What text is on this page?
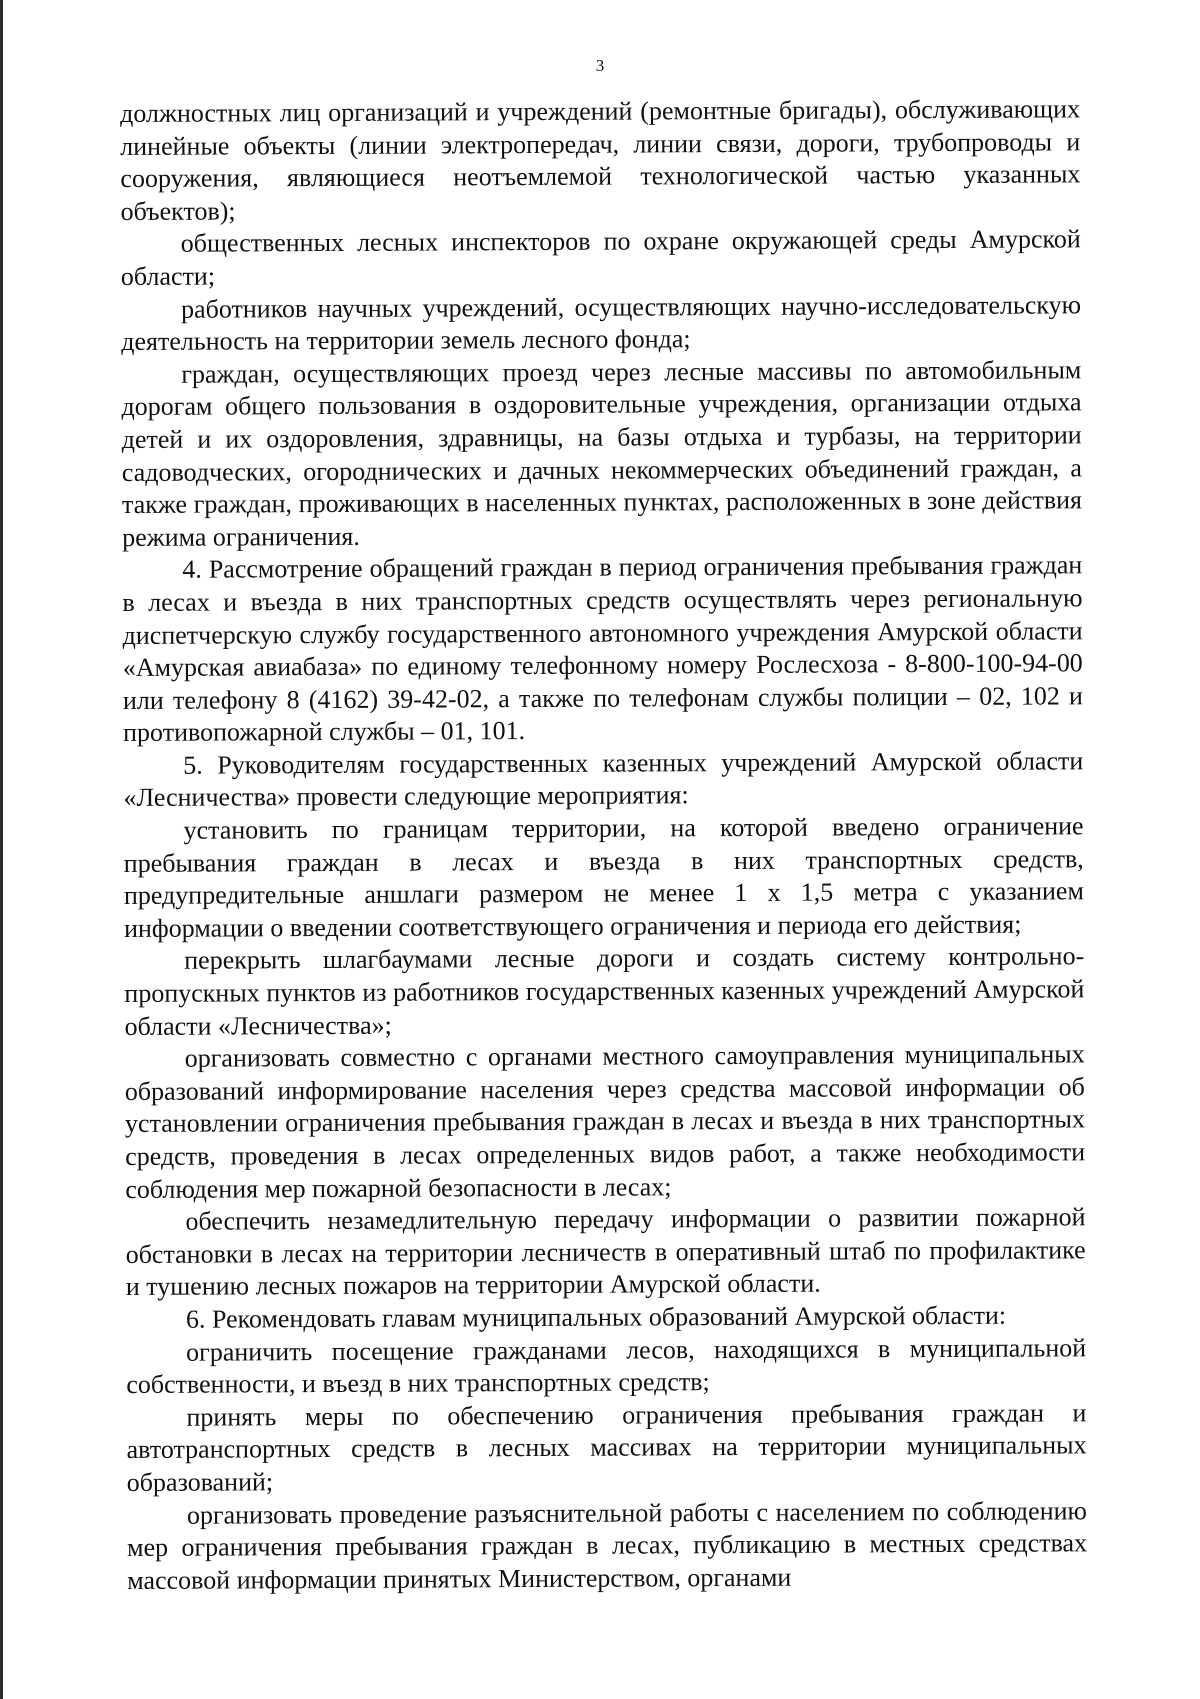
3

должностных лиц организаций и учреждений (ремонтные бригады), обслуживающих линейные объекты (линии электропередач, линии связи, дороги, трубопроводы и сооружения, являющиеся неотъемлемой технологической частью указанных объектов);

общественных лесных инспекторов по охране окружающей среды Амурской области;

работников научных учреждений, осуществляющих научно-исследовательскую деятельность на территории земель лесного фонда;

граждан, осуществляющих проезд через лесные массивы по автомобильным дорогам общего пользования в оздоровительные учреждения, организации отдыха детей и их оздоровления, здравницы, на базы отдыха и турбазы, на территории садоводческих, огороднических и дачных некоммерческих объединений граждан, а также граждан, проживающих в населенных пунктах, расположенных в зоне действия режима ограничения.

4. Рассмотрение обращений граждан в период ограничения пребывания граждан в лесах и въезда в них транспортных средств осуществлять через региональную диспетчерскую службу государственного автономного учреждения Амурской области «Амурская авиабаза» по единому телефонному номеру Рослесхоза - 8-800-100-94-00 или телефону 8 (4162) 39-42-02, а также по телефонам службы полиции – 02, 102 и противопожарной службы – 01, 101.

5. Руководителям государственных казенных учреждений Амурской области «Лесничества» провести следующие мероприятия:

установить по границам территории, на которой введено ограничение пребывания граждан в лесах и въезда в них транспортных средств, предупредительные аншлаги размером не менее 1 х 1,5 метра с указанием информации о введении соответствующего ограничения и периода его действия;

перекрыть шлагбаумами лесные дороги и создать систему контрольно-пропускных пунктов из работников государственных казенных учреждений Амурской области «Лесничества»;

организовать совместно с органами местного самоуправления муниципальных образований информирование населения через средства массовой информации об установлении ограничения пребывания граждан в лесах и въезда в них транспортных средств, проведения в лесах определенных видов работ, а также необходимости соблюдения мер пожарной безопасности в лесах;

обеспечить незамедлительную передачу информации о развитии пожарной обстановки в лесах на территории лесничеств в оперативный штаб по профилактике и тушению лесных пожаров на территории Амурской области.

6. Рекомендовать главам муниципальных образований Амурской области:

ограничить посещение гражданами лесов, находящихся в муниципальной собственности, и въезд в них транспортных средств;

принять меры по обеспечению ограничения пребывания граждан и автотранспортных средств в лесных массивах на территории муниципальных образований;

организовать проведение разъяснительной работы с населением по соблюдению мер ограничения пребывания граждан в лесах, публикацию в местных средствах массовой информации принятых Министерством, органами
